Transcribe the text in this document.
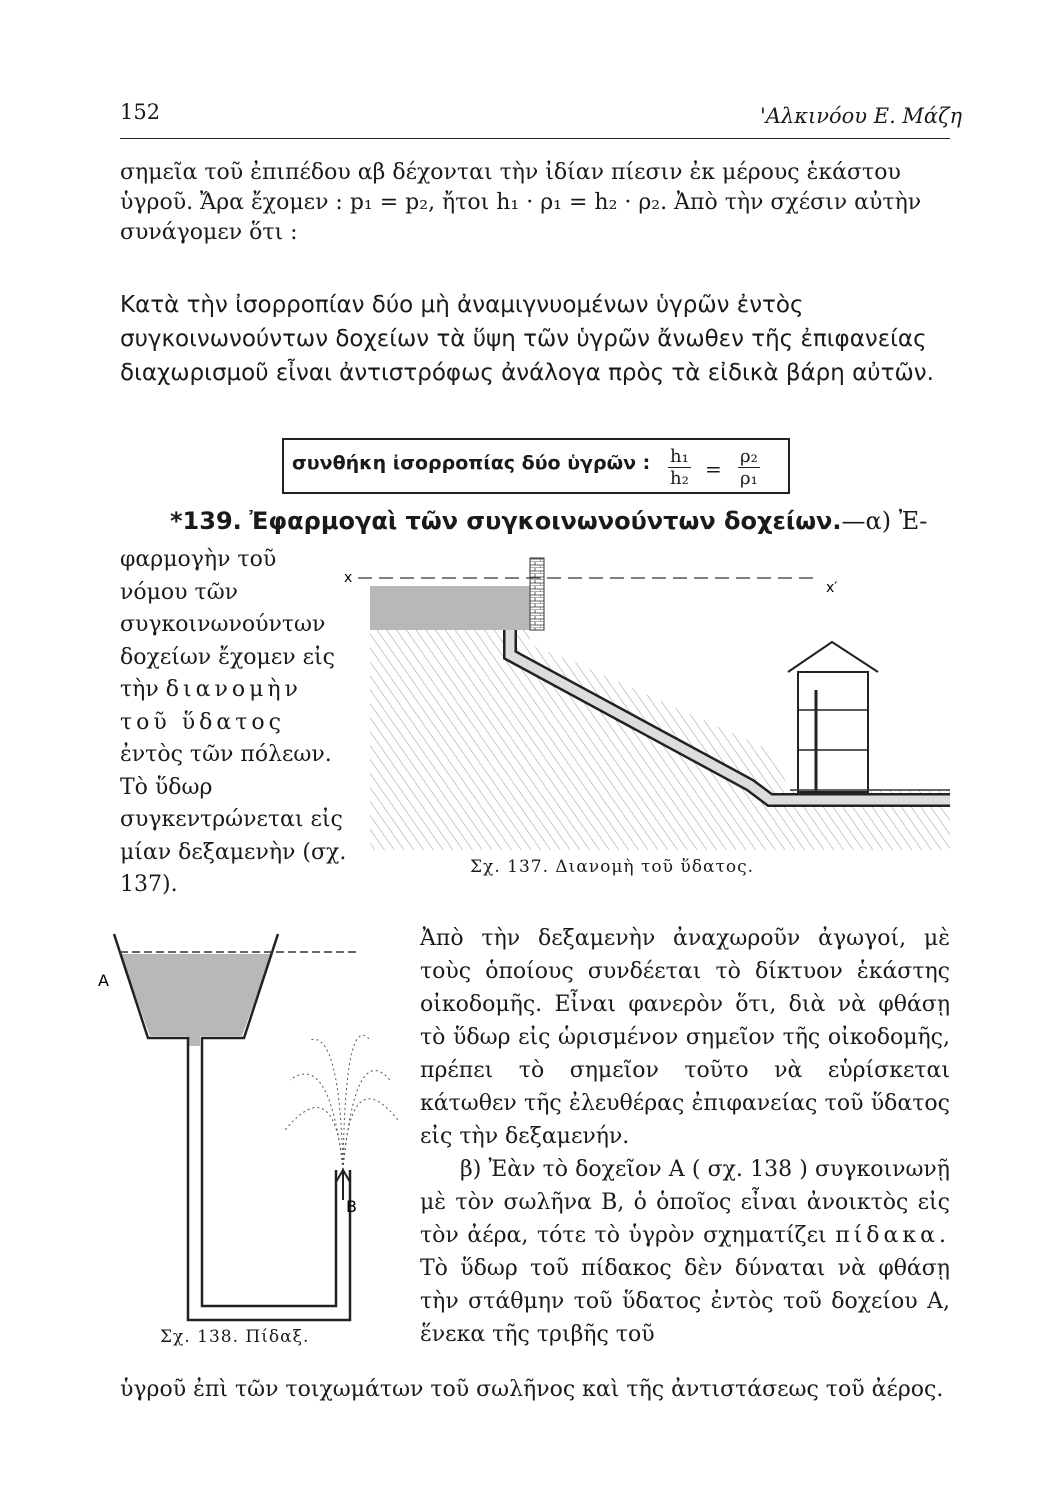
152	'Αλκινόου Ε. Μάζη
σημεῖα τοῦ ἐπιπέδου αβ δέχονται τὴν ἰδίαν πίεσιν ἐκ μέρους ἑκάστου ὑγροῦ. Ἄρα ἔχομεν : p₁ = p₂, ἤτοι h₁ · ρ₁ = h₂ · ρ₂. Ἀπὸ τὴν σχέσιν αὐτὴν συνάγομεν ὅτι :
Κατὰ τὴν ἰσορροπίαν δύο μὴ ἀναμιγνυομένων ὑγρῶν ἐντὸς συγκοινωνούντων δοχείων τὰ ὕψη τῶν ὑγρῶν ἄνωθεν τῆς ἐπιφανείας διαχωρισμοῦ εἶναι ἀντιστρόφως ἀνάλογα πρὸς τὰ εἰδικὰ βάρη αὐτῶν.
συνθήκη ἰσορροπίας δύο ὑγρῶν : $\frac{\text{h₁}}{\text{h₂}} = \frac{\text{ρ₂}}{\text{ρ₁}}$
*139. Ἐφαρμογαὶ τῶν συγκοινωνούντων δοχείων.—α) Ἐ-
φαρμογὴν τοῦ νόμου τῶν συγκοινωνούντων δοχείων ἔχομεν εἰς τὴν διανομὴν τοῦ ὕδατος ἐντὸς τῶν πόλεων. Τὸ ὕδωρ συγκεντρώνεται εἰς μίαν δεξαμενὴν (σχ. 137).
x
x′
Σχ. 137. Διανομὴ τοῦ ὕδατος.
A
B
Σχ. 138. Πίδαξ.

Ἀπὸ τὴν δεξαμενὴν ἀναχωροῦν ἀγωγοί, μὲ τοὺς ὁποίους συνδέεται τὸ δίκτυον ἑκάστης οἰκοδομῆς. Εἶναι φανερὸν ὅτι, διὰ νὰ φθάσῃ τὸ ὕδωρ εἰς ὡρισμένον σημεῖον τῆς οἰκοδομῆς, πρέπει τὸ σημεῖον τοῦτο νὰ εὑρίσκεται κάτωθεν τῆς ἐλευθέρας ἐπιφανείας τοῦ ὕδατος εἰς τὴν δεξαμενήν.

β) Ἐὰν τὸ δοχεῖον Α ( σχ. 138 ) συγκοινωνῇ μὲ τὸν σωλῆνα Β, ὁ ὁποῖος εἶναι ἀνοικτὸς εἰς τὸν ἀέρα, τότε τὸ ὑγρὸν σχηματίζει πίδακα. Τὸ ὕδωρ τοῦ πίδακος δὲν δύναται νὰ φθάσῃ τὴν στάθμην τοῦ ὕδατος ἐντὸς τοῦ δοχείου Α, ἕνεκα τῆς τριβῆς τοῦ

ὑγροῦ ἐπὶ τῶν τοιχωμάτων τοῦ σωλῆνος καὶ τῆς ἀντιστάσεως τοῦ ἀέρος.
